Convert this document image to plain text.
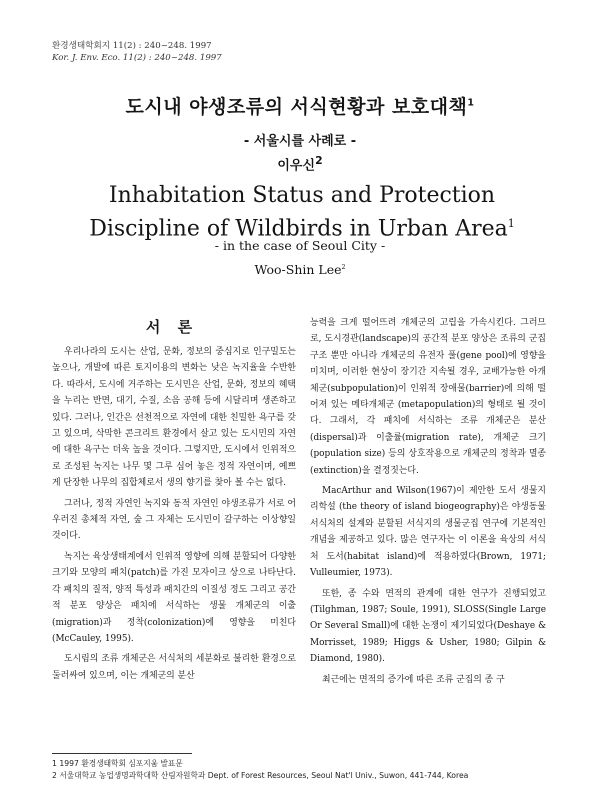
환경생태학회지 11(2) : 240~248. 1997
Kor. J. Env. Eco. 11(2) : 240~248. 1997
도시내 야생조류의 서식현황과 보호대책$^1$
- 서울시를 사례로 -
이우신$^2$
Inhabitation Status and Protection Discipline of Wildbirds in Urban Area$^1$
- in the case of Seoul City -
Woo-Shin Lee$^2$
서 론

우리나라의 도시는 산업, 문화, 정보의 중심지로 인구밀도는 높으나, 개발에 따른 토지이용의 변화는 낮은 녹지율을 수반한다. 따라서, 도시에 거주하는 도시민은 산업, 문화, 정보의 혜택을 누리는 반면, 대기, 수질, 소음 공해 등에 시달리며 생존하고 있다. 그러나, 인간은 선천적으로 자연에 대한 친밀한 욕구를 갖고 있으며, 삭막한 콘크리트 환경에서 살고 있는 도시민의 자연에 대한 욕구는 더욱 높을 것이다. 그렇지만, 도시에서 인위적으로 조성된 녹지는 나무 몇 그루 심어 놓은 정적 자연이며, 예쁘게 단장한 나무의 집합체로서 생의 향기를 찾아 볼 수는 없다.

그러나, 정적 자연인 녹지와 동적 자연인 야생조류가 서로 어우러진 총체적 자연, 숲 그 자체는 도시민이 갈구하는 이상향일 것이다.

녹지는 육상생태계에서 인위적 영향에 의해 분할되어 다양한 크기와 모양의 패치(patch)를 가진 모자이크 상으로 나타난다. 각 패치의 질적, 양적 특성과 패치간의 이질성 정도 그리고 공간적 분포 양상은 패치에 서식하는 생물 개체군의 이출(migration)과 정착(colonization)에 영향을 미친다(McCauley, 1995).

도시림의 조류 개체군은 서식처의 세분화로 불리한 환경으로 둘러싸여 있으며, 이는 개체군의 분산

능력을 크게 떨어뜨려 개체군의 고립을 가속시킨다. 그러므로, 도시경관(landscape)의 공간적 분포 양상은 조류의 군집 구조 뿐만 아니라 개체군의 유전자 풀(gene pool)에 영향을 미치며, 이러한 현상이 장기간 지속될 경우, 교배가능한 아개체군(subpopulation)이 인위적 장애물(barrier)에 의해 떨어져 있는 메타개체군 (metapopulation)의 형태로 될 것이다. 그래서, 각 패치에 서식하는 조류 개체군은 분산(dispersal)과 이출률(migration rate), 개체군 크기(population size) 등의 상호작용으로 개체군의 정착과 멸종(extinction)을 결정짓는다.

MacArthur and Wilson(1967)이 제안한 도서 생물지리학설 (the theory of island biogeography)은 야생동물 서식처의 설계와 분할된 서식지의 생물군집 연구에 기본적인 개념을 제공하고 있다. 많은 연구자는 이 이론을 육상의 서식처 도서(habitat island)에 적용하였다(Brown, 1971; Vulleumier, 1973).

또한, 종 수와 면적의 관계에 대한 연구가 진행되었고 (Tilghman, 1987; Soule, 1991), SLOSS(Single Large Or Several Small)에 대한 논쟁이 제기되었다(Deshaye & Morrisset, 1989; Higgs & Usher, 1980; Gilpin & Diamond, 1980).

최근에는 면적의 증가에 따른 조류 군집의 종 구

1 1997 환경생태학회 심포지움 발표문
2 서울대학교 농업생명과학대학 산림자원학과 Dept. of Forest Resources, Seoul Nat'l Univ., Suwon, 441-744, Korea
